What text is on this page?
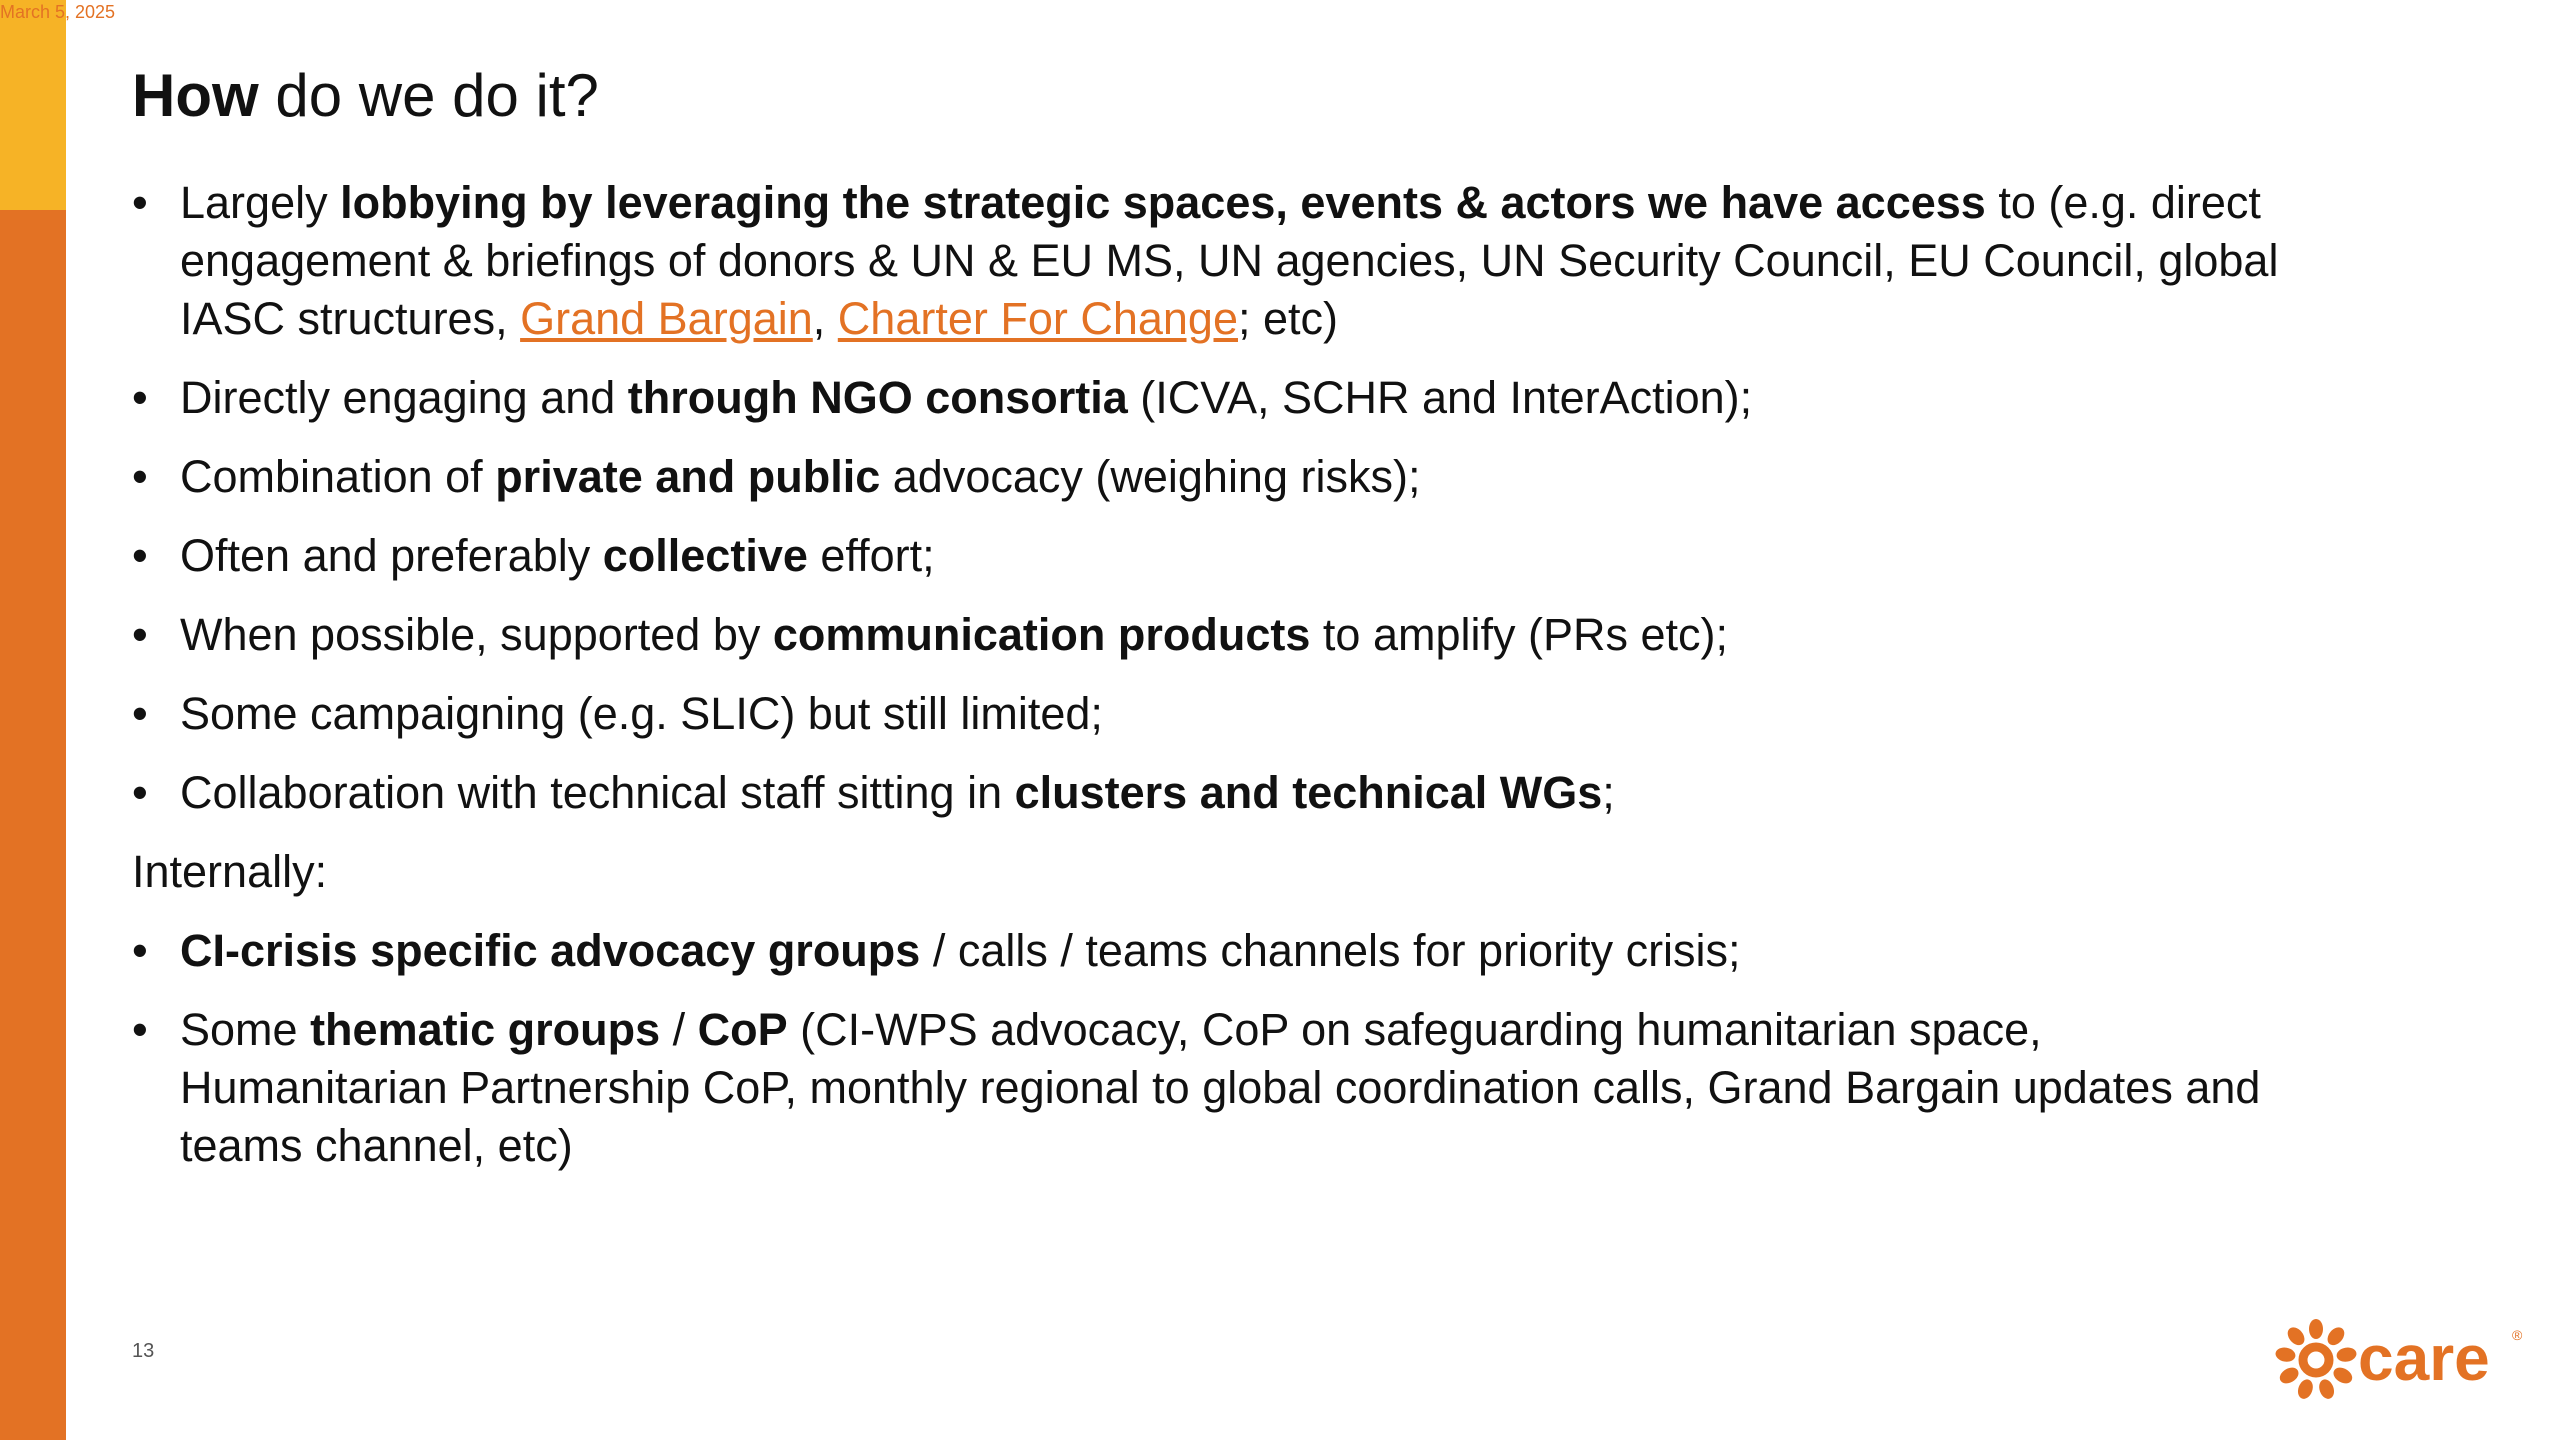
March 5, 2025
How do we do it?
• Largely lobbying by leveraging the strategic spaces, events & actors we have access to (e.g. direct engagement & briefings of donors & UN & EU MS, UN agencies, UN Security Council, EU Council, global IASC structures, Grand Bargain, Charter For Change; etc)
• Directly engaging and through NGO consortia (ICVA, SCHR and InterAction);
• Combination of private and public advocacy (weighing risks);
• Often and preferably collective effort;
• When possible, supported by communication products to amplify (PRs etc);
• Some campaigning (e.g. SLIC) but still limited;
• Collaboration with technical staff sitting in clusters and technical WGs;
Internally:
• CI-crisis specific advocacy groups / calls / teams channels for priority crisis;
• Some thematic groups / CoP (CI-WPS advocacy, CoP on safeguarding humanitarian space, Humanitarian Partnership CoP, monthly regional to global coordination calls, Grand Bargain updates and teams channel, etc)
13	care ®
